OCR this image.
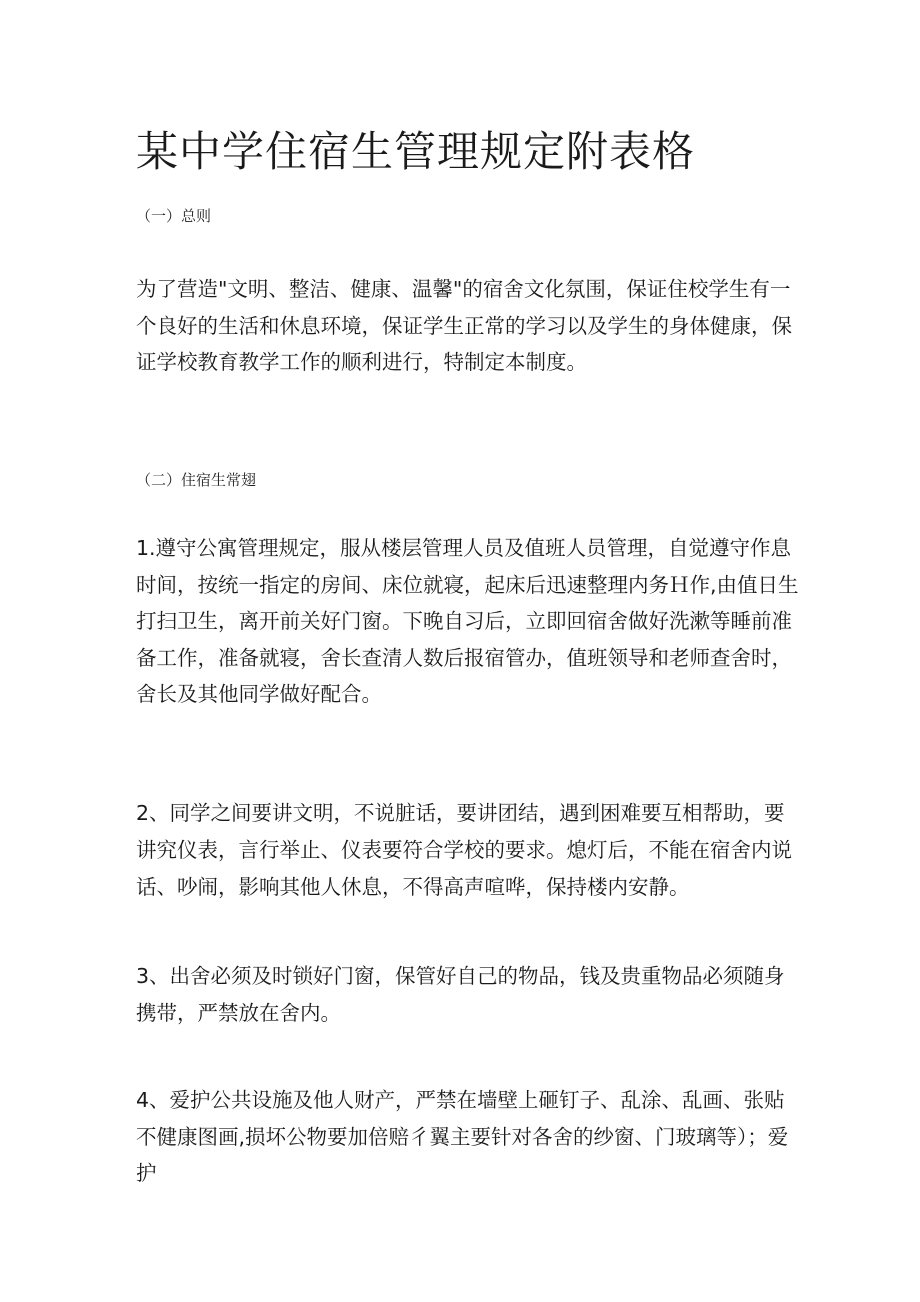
某中学住宿生管理规定附表格

（一）总则

为了营造"文明、整洁、健康、温馨"的宿舍文化氛围，保证住校学生有一个良好的生活和休息环境，保证学生正常的学习以及学生的身体健康，保证学校教育教学工作的顺利进行，特制定本制度。

（二）住宿生常翅

1.遵守公寓管理规定，服从楼层管理人员及值班人员管理，自觉遵守作息时间，按统一指定的房间、床位就寝，起床后迅速整理内务Ｈ作,由值日生打扫卫生，离开前关好门窗。下晚自习后，立即回宿舍做好洗漱等睡前准备工作，准备就寝，舍长查清人数后报宿管办，值班领导和老师查舍时，舍长及其他同学做好配合。

2、同学之间要讲文明，不说脏话，要讲团结，遇到困难要互相帮助，要讲究仪表，言行举止、仪表要符合学校的要求。熄灯后，不能在宿舍内说话、吵闹，影响其他人休息，不得高声喧哗，保持楼内安静。

3、出舍必须及时锁好门窗，保管好自己的物品，钱及贵重物品必须随身携带，严禁放在舍内。

4、爱护公共设施及他人财产，严禁在墙壁上砸钉子、乱涂、乱画、张贴不健康图画,损坏公物要加倍赔彳翼主要针对各舍的纱窗、门玻璃等）；爱护
